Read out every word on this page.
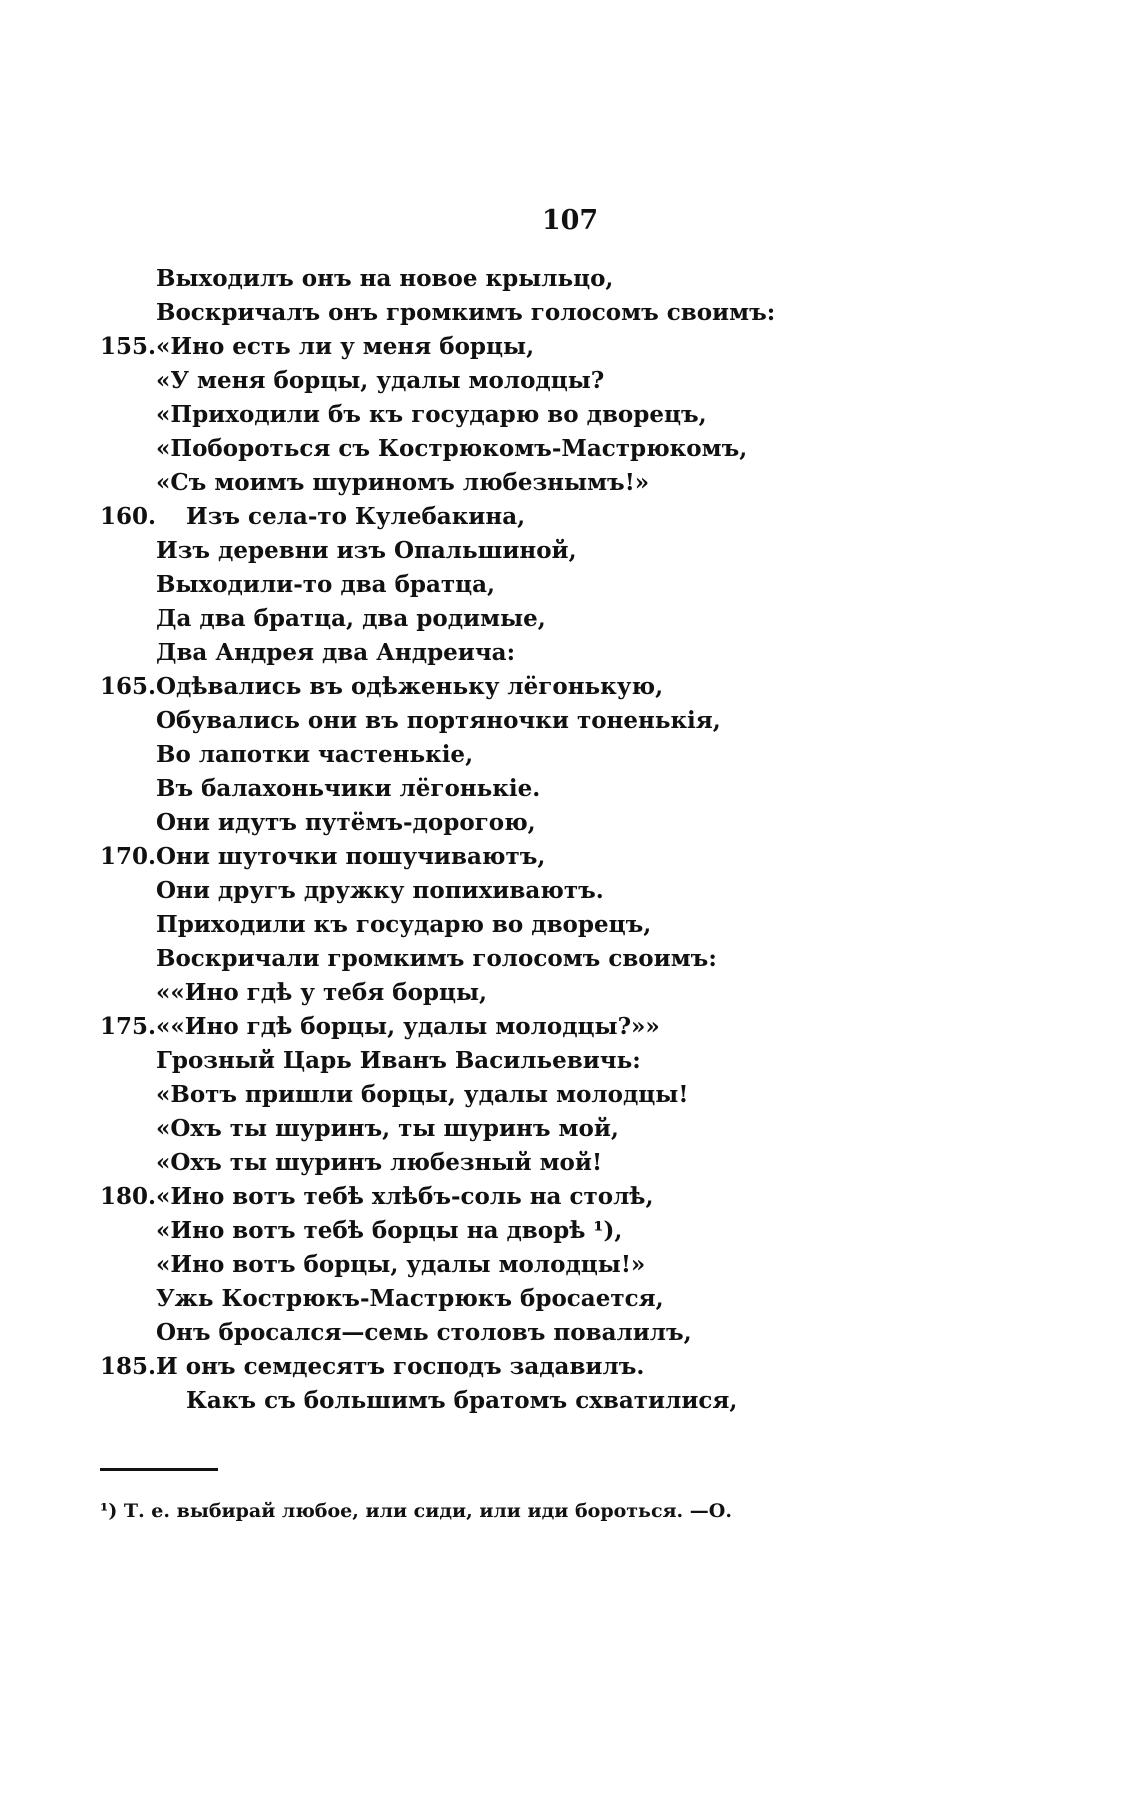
107
Выходилъ онъ на новое крыльцо,
Воскричалъ онъ громкимъ голосомъ своимъ:
155. «Ино есть ли у меня борцы,
«У меня борцы, удалы молодцы?
«Приходили бъ къ государю во дворецъ,
«Побороться съ Кострюкомъ-Мастрюкомъ,
«Съ моимъ шуриномъ любезнымъ!»
160.	Изъ села-то Кулебакина,
Изъ деревни изъ Опальшиной,
Выходили-то два братца,
Да два братца, два родимые,
Два Андрея два Андреича:
165. Одѣвались въ одѣженьку лёгонькую,
Обувались они въ портяночки тоненькія,
Во лапотки частенькіе,
Въ балахоньчики лёгонькіе.
Они идутъ путёмъ-дорогою,
170. Они шуточки пошучиваютъ,
Они другъ дружку попихиваютъ.
Приходили къ государю во дворецъ,
Воскричали громкимъ голосомъ своимъ:
««Ино гдѣ у тебя борцы,
175. ««Ино гдѣ борцы, удалы молодцы?»»
Грозный Царь Иванъ Васильевичь:
«Вотъ пришли борцы, удалы молодцы!
«Охъ ты шуринъ, ты шуринъ мой,
«Охъ ты шуринъ любезный мой!
180. «Ино вотъ тебѣ хлѣбъ-соль на столѣ,
«Ино вотъ тебѣ борцы на дворѣ ¹),
«Ино вотъ борцы, удалы молодцы!»
Ужь Кострюкъ-Мастрюкъ бросается,
Онъ бросался—семь столовъ повалилъ,
185. И онъ семдесятъ господъ задавилъ.
Какъ съ большимъ братомъ схватилися,
¹) Т. е. выбирай любое, или сиди, или иди бороться. —О.
